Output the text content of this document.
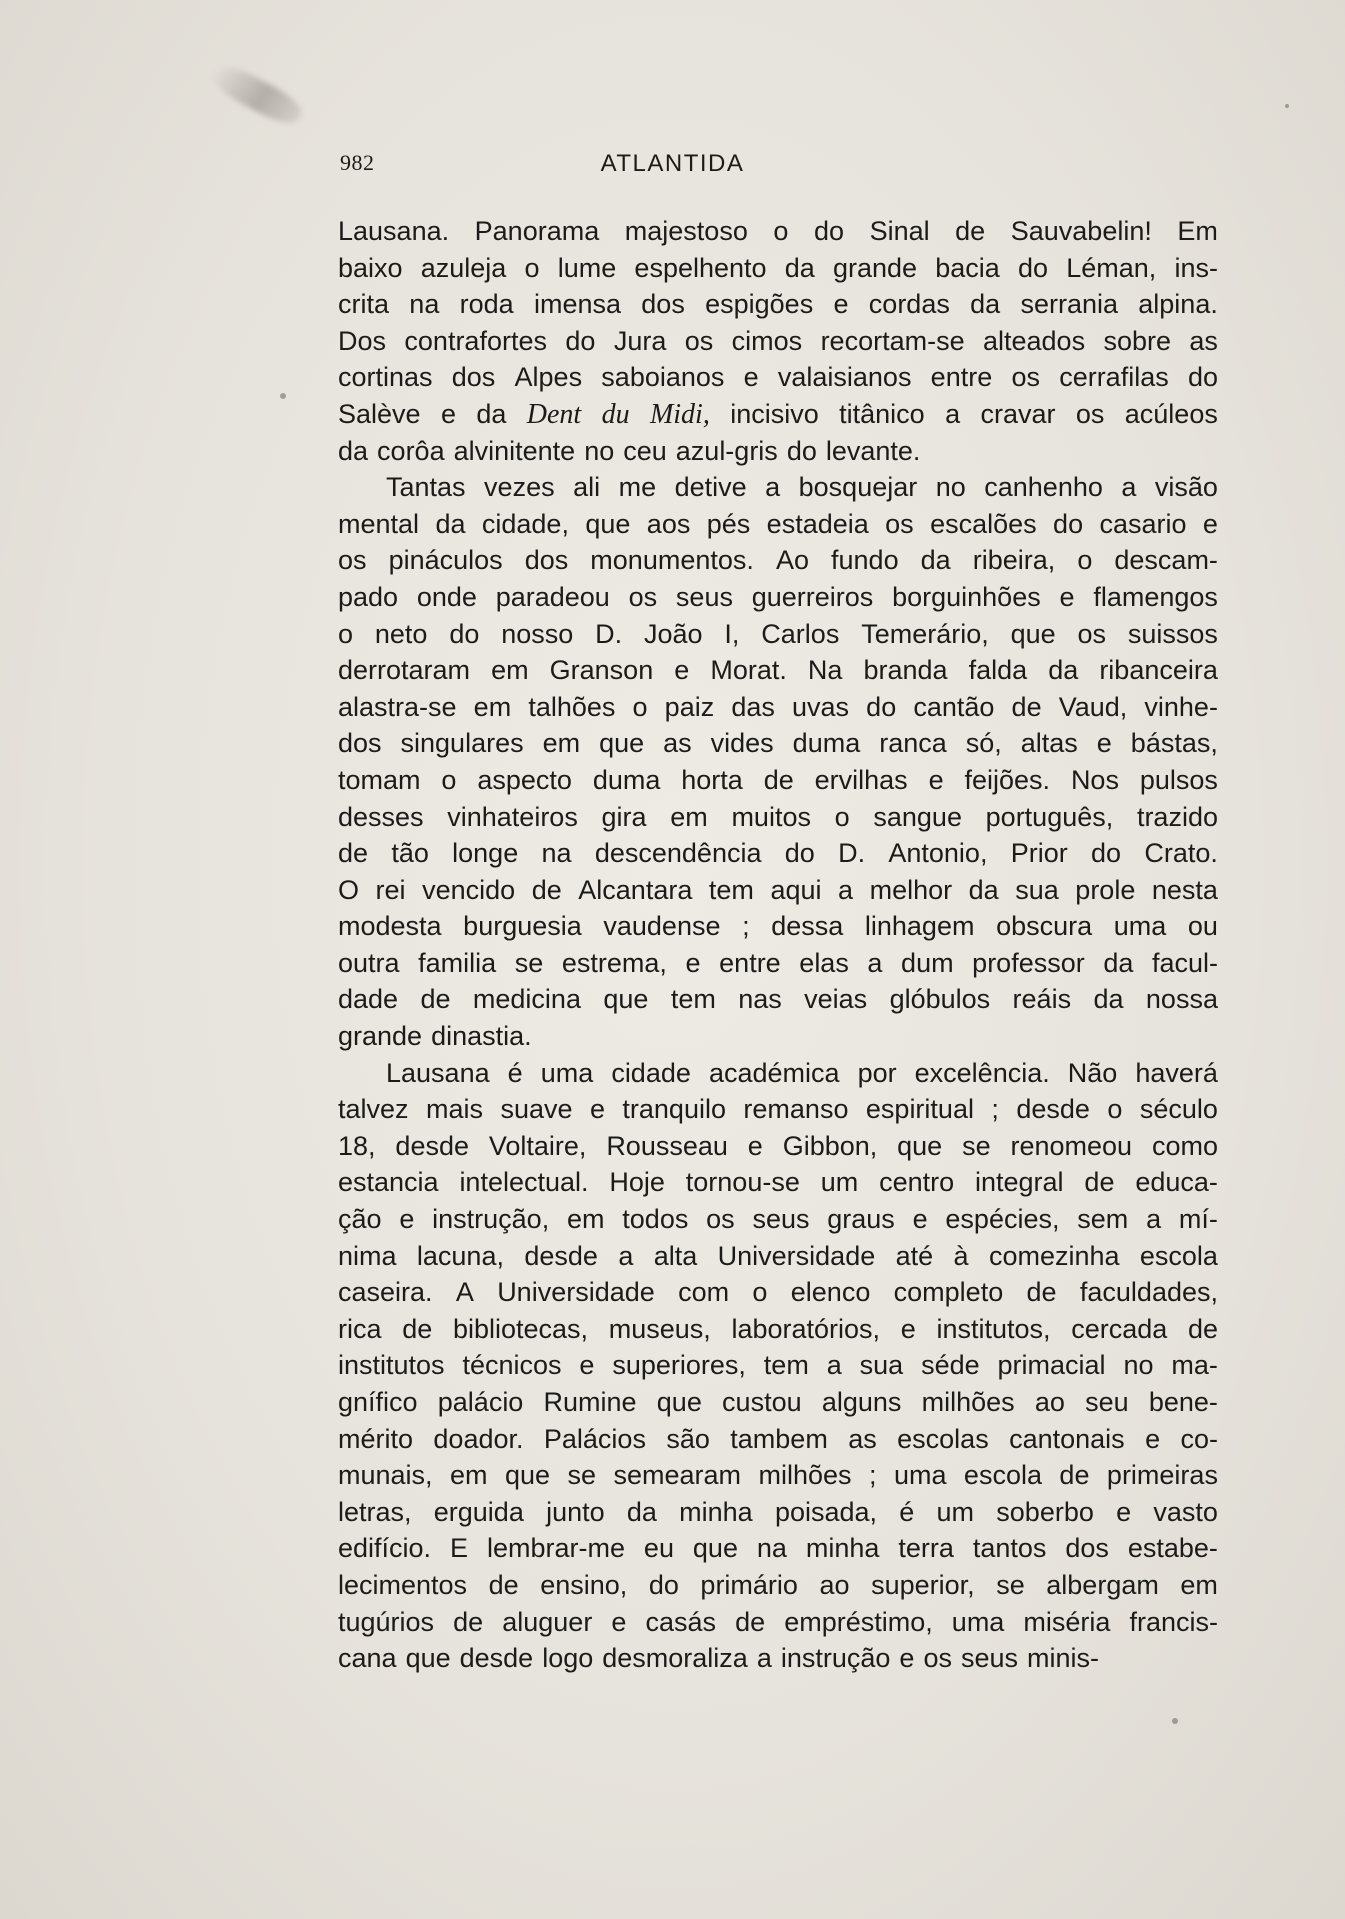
982	ATLANTIDA
Lausana. Panorama majestoso o do Sinal de Sauvabelin! Em
baixo azuleja o lume espelhento da grande bacia do Léman, ins-
crita na roda imensa dos espigões e cordas da serrania alpina.
Dos contrafortes do Jura os cimos recortam-se alteados sobre as
cortinas dos Alpes saboianos e valaisianos entre os cerrafilas do
Salève e da Dent du Midi, incisivo titânico a cravar os acúleos
da corôa alvinitente no ceu azul-gris do levante.
Tantas vezes ali me detive a bosquejar no canhenho a visão
mental da cidade, que aos pés estadeia os escalões do casario e
os pináculos dos monumentos. Ao fundo da ribeira, o descam-
pado onde paradeou os seus guerreiros borguinhões e flamengos
o neto do nosso D. João I, Carlos Temerário, que os suissos
derrotaram em Granson e Morat. Na branda falda da ribanceira
alastra-se em talhões o paiz das uvas do cantão de Vaud, vinhe-
dos singulares em que as vides duma ranca só, altas e bástas,
tomam o aspecto duma horta de ervilhas e feijões. Nos pulsos
desses vinhateiros gira em muitos o sangue português, trazido
de tão longe na descendência do D. Antonio, Prior do Crato.
O rei vencido de Alcantara tem aqui a melhor da sua prole nesta
modesta burguesia vaudense ; dessa linhagem obscura uma ou
outra familia se estrema, e entre elas a dum professor da facul-
dade de medicina que tem nas veias glóbulos reáis da nossa
grande dinastia.
Lausana é uma cidade académica por excelência. Não haverá
talvez mais suave e tranquilo remanso espiritual ; desde o século
18, desde Voltaire, Rousseau e Gibbon, que se renomeou como
estancia intelectual. Hoje tornou-se um centro integral de educa-
ção e instrução, em todos os seus graus e espécies, sem a mí-
nima lacuna, desde a alta Universidade até à comezinha escola
caseira. A Universidade com o elenco completo de faculdades,
rica de bibliotecas, museus, laboratórios, e institutos, cercada de
institutos técnicos e superiores, tem a sua séde primacial no ma-
gnífico palácio Rumine que custou alguns milhões ao seu bene-
mérito doador. Palácios são tambem as escolas cantonais e co-
munais, em que se semearam milhões ; uma escola de primeiras
letras, erguida junto da minha poisada, é um soberbo e vasto
edifício. E lembrar-me eu que na minha terra tantos dos estabe-
lecimentos de ensino, do primário ao superior, se albergam em
tugúrios de aluguer e casás de empréstimo, uma miséria francis-
cana que desde logo desmoraliza a instrução e os seus minis-
